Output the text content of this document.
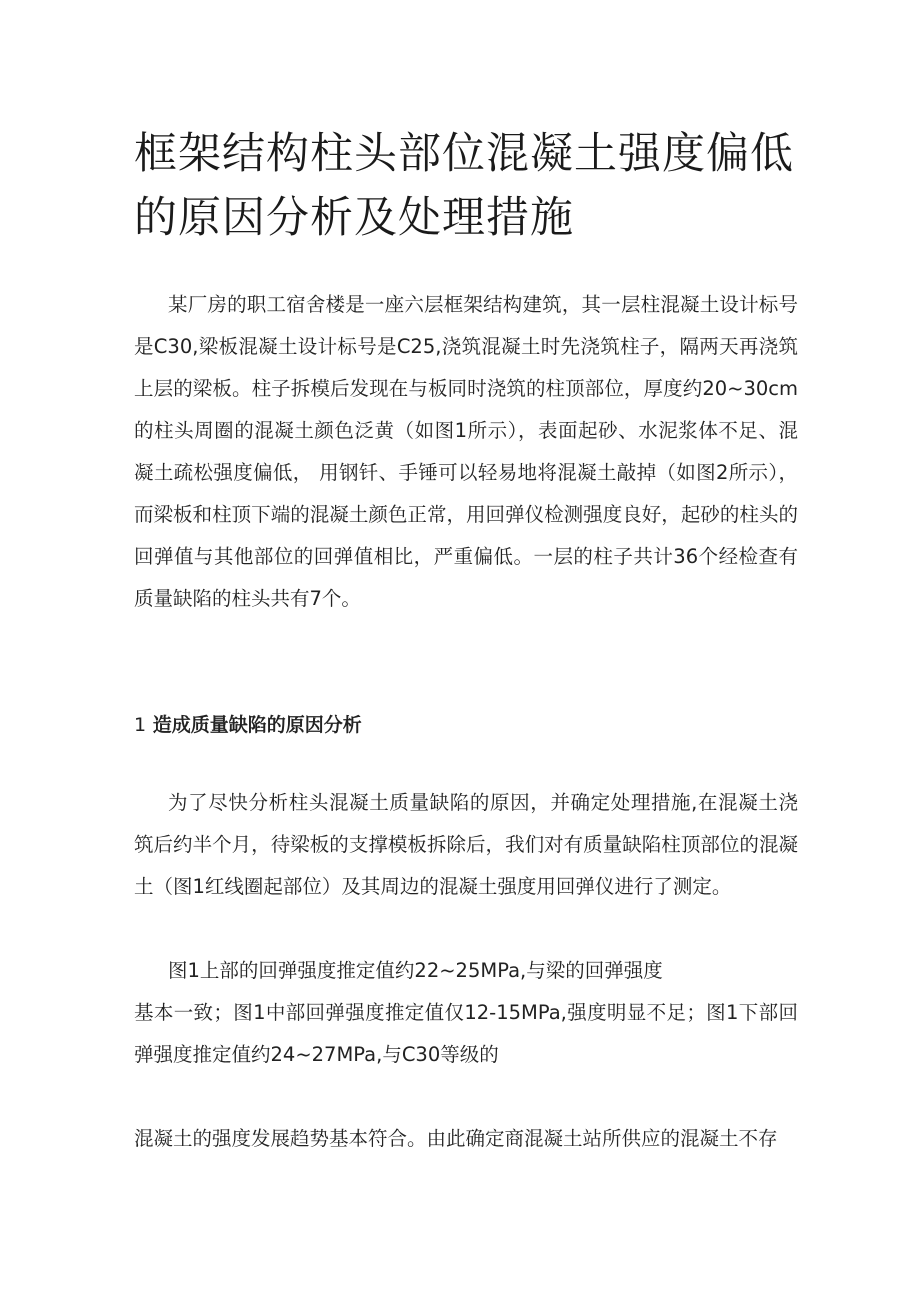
框架结构柱头部位混凝土强度偏低的原因分析及处理措施

某厂房的职工宿舍楼是一座六层框架结构建筑，其一层柱混凝土设计标号是C30,梁板混凝土设计标号是C25,浇筑混凝土时先浇筑柱子，隔两天再浇筑上层的梁板。柱子拆模后发现在与板同时浇筑的柱顶部位，厚度约20~30cm的柱头周圈的混凝土颜色泛黄（如图1所示），表面起砂、水泥浆体不足、混凝土疏松强度偏低， 用钢钎、手锤可以轻易地将混凝土敲掉（如图2所示），而梁板和柱顶下端的混凝土颜色正常，用回弹仪检测强度良好，起砂的柱头的回弹值与其他部位的回弹值相比，严重偏低。一层的柱子共计36个经检查有质量缺陷的柱头共有7个。

1 造成质量缺陷的原因分析

为了尽快分析柱头混凝土质量缺陷的原因，并确定处理措施,在混凝土浇筑后约半个月，待梁板的支撑模板拆除后，我们对有质量缺陷柱顶部位的混凝土（图1红线圈起部位）及其周边的混凝土强度用回弹仪进行了测定。

图1上部的回弹强度推定值约22~25MPa,与梁的回弹强度

基本一致；图1中部回弹强度推定值仅12-15MPa,强度明显不足；图1下部回弹强度推定值约24~27MPa,与C30等级的

混凝土的强度发展趋势基本符合。由此确定商混凝土站所供应的混凝土不存
